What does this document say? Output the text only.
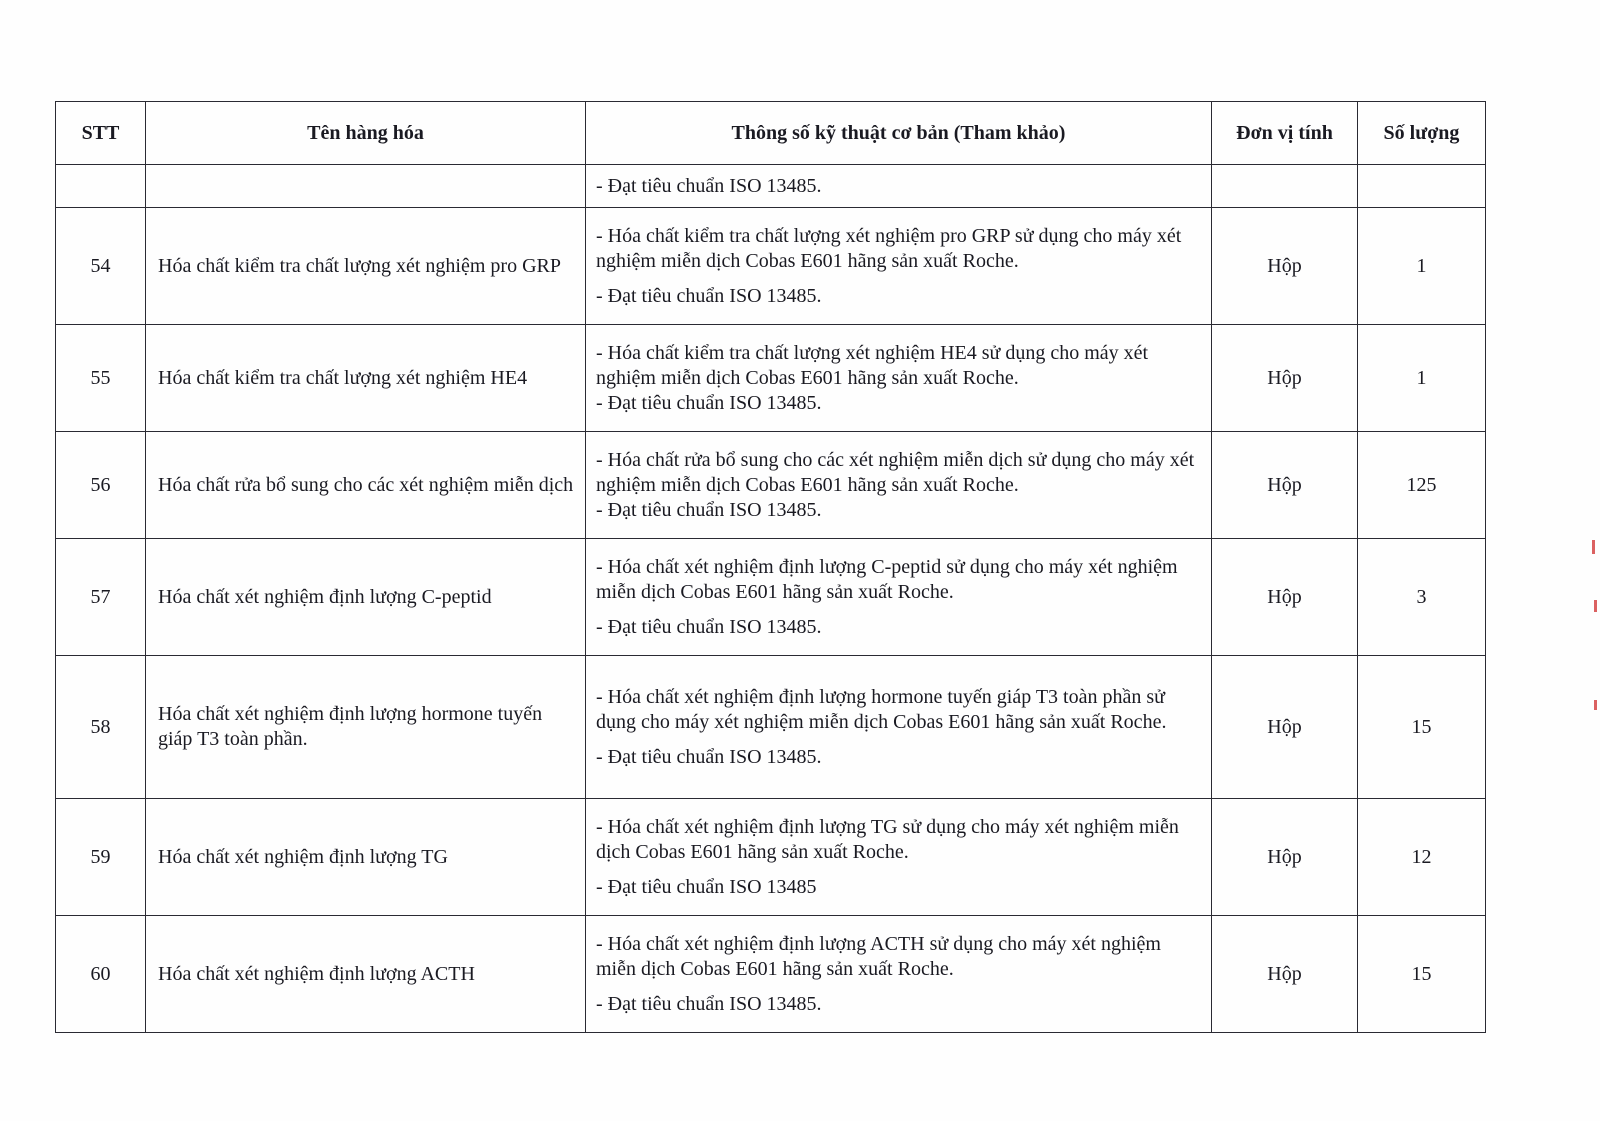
STT	Tên hàng hóa	Thông số kỹ thuật cơ bản (Tham khảo)	Đơn vị tính	Số lượng

		- Đạt tiêu chuẩn ISO 13485.		

54	Hóa chất kiểm tra chất lượng xét nghiệm pro GRP	- Hóa chất kiểm tra chất lượng xét nghiệm pro GRP sử dụng cho máy xét nghiệm miễn dịch Cobas E601 hãng sản xuất Roche.
- Đạt tiêu chuẩn ISO 13485.	Hộp	1
55	Hóa chất kiểm tra chất lượng xét nghiệm HE4	- Hóa chất kiểm tra chất lượng xét nghiệm HE4 sử dụng cho máy xét nghiệm miễn dịch Cobas E601 hãng sản xuất Roche.
- Đạt tiêu chuẩn ISO 13485.	Hộp	1
56	Hóa chất rửa bổ sung cho các xét nghiệm miễn dịch	- Hóa chất rửa bổ sung cho các xét nghiệm miễn dịch sử dụng cho máy xét nghiệm miễn dịch Cobas E601 hãng sản xuất Roche.
- Đạt tiêu chuẩn ISO 13485.	Hộp	125
57	Hóa chất xét nghiệm định lượng C-peptid	- Hóa chất xét nghiệm định lượng C-peptid sử dụng cho máy xét nghiệm miễn dịch Cobas E601 hãng sản xuất Roche.
- Đạt tiêu chuẩn ISO 13485.	Hộp	3
58	Hóa chất xét nghiệm định lượng hormone tuyến giáp T3 toàn phần.	- Hóa chất xét nghiệm định lượng hormone tuyến giáp T3 toàn phần sử dụng cho máy xét nghiệm miễn dịch Cobas E601 hãng sản xuất Roche.
- Đạt tiêu chuẩn ISO 13485.	Hộp	15
59	Hóa chất xét nghiệm định lượng TG	- Hóa chất xét nghiệm định lượng TG sử dụng cho máy xét nghiệm miễn dịch Cobas E601 hãng sản xuất Roche.
- Đạt tiêu chuẩn ISO 13485	Hộp	12
60	Hóa chất xét nghiệm định lượng ACTH	- Hóa chất xét nghiệm định lượng ACTH sử dụng cho máy xét nghiệm miễn dịch Cobas E601 hãng sản xuất Roche.
- Đạt tiêu chuẩn ISO 13485.	Hộp	15
